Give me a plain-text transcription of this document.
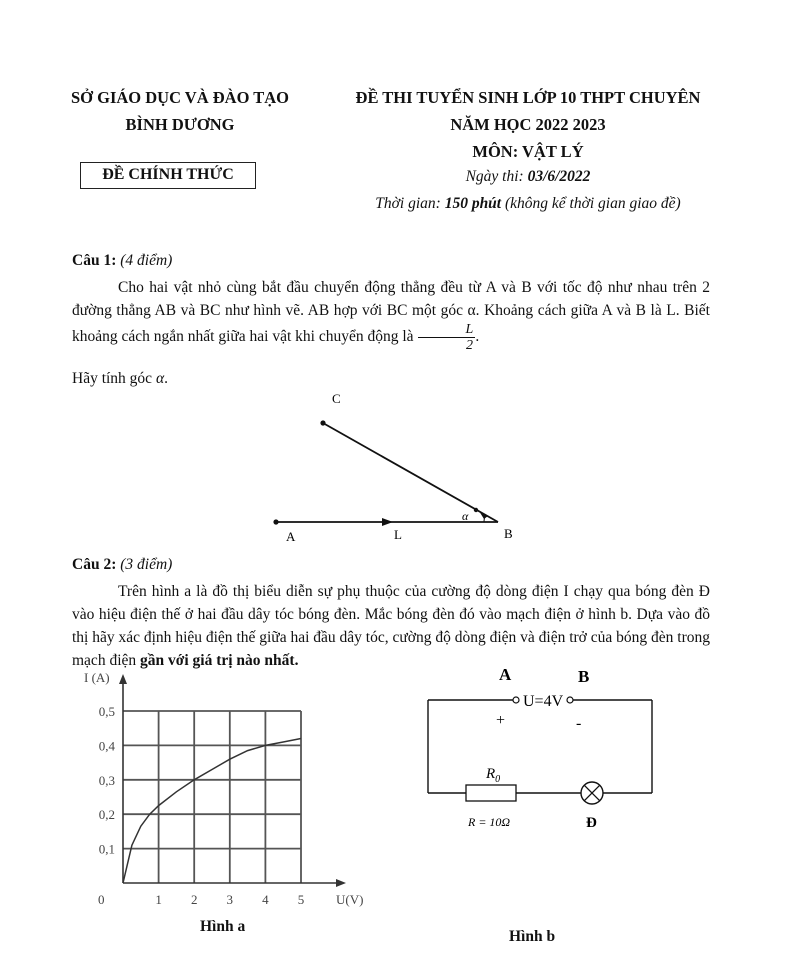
SỞ GIÁO DỤC VÀ ĐÀO TẠO
BÌNH DƯƠNG
ĐỀ CHÍNH THỨC
ĐỀ THI TUYỂN SINH LỚP 10 THPT CHUYÊN
NĂM HỌC 2022 2023
MÔN: VẬT LÝ
Ngày thi: 03/6/2022
Thời gian: 150 phút (không kể thời gian giao đề)
Câu 1: (4 điểm)
Cho hai vật nhỏ cùng bắt đầu chuyển động thẳng đều từ A và B với tốc độ như nhau trên 2 đường thẳng AB và BC như hình vẽ. AB hợp với BC một góc α. Khoảng cách giữa A và B là L. Biết khoảng cách ngắn nhất giữa hai vật khi chuyển động là $\frac{L}{2}$ .
Hãy tính góc α.
C
α
A	L	B
Câu 2: (3 điểm)
Trên hình a là đồ thị biểu diễn sự phụ thuộc của cường độ dòng điện I chạy qua bóng đèn Đ vào hiệu điện thế ở hai đầu dây tóc bóng đèn. Mắc bóng đèn đó vào mạch điện ở hình b. Dựa vào đồ thị hãy xác định hiệu điện thế giữa hai đầu dây tóc, cường độ dòng điện và điện trở của bóng đèn trong mạch điện gần với giá trị nào nhất.
0,1
0,2
0,3
0,4
0,5
1 2 3 4 5
I (A)
U(V)
0
Hình a
A	B
U=4V
+	-
$R_0$
R = 10Ω	Đ
Hình b
